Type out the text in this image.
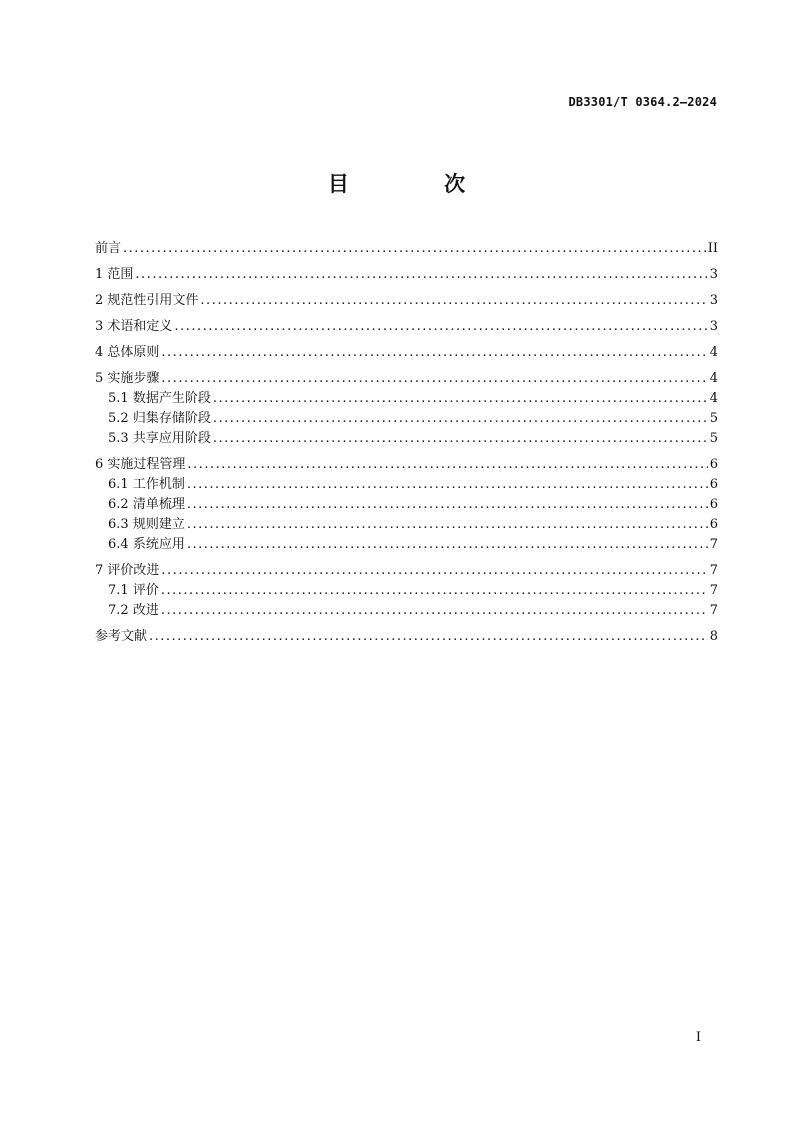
DB3301/T 0364.2—2024
目 次
前言 .....	II
1 范围 .....	3
2 规范性引用文件 .....	3
3 术语和定义 .....	3
4 总体原则 .....	4
5 实施步骤 .....	4
5.1 数据产生阶段 .....	4
5.2 归集存储阶段 .....	5
5.3 共享应用阶段 .....	5
6 实施过程管理 .....	6
6.1 工作机制 .....	6
6.2 清单梳理 .....	6
6.3 规则建立 .....	6
6.4 系统应用 .....	7
7 评价改进 .....	7
7.1 评价 .....	7
7.2 改进 .....	7
参考文献 .....	8
I
